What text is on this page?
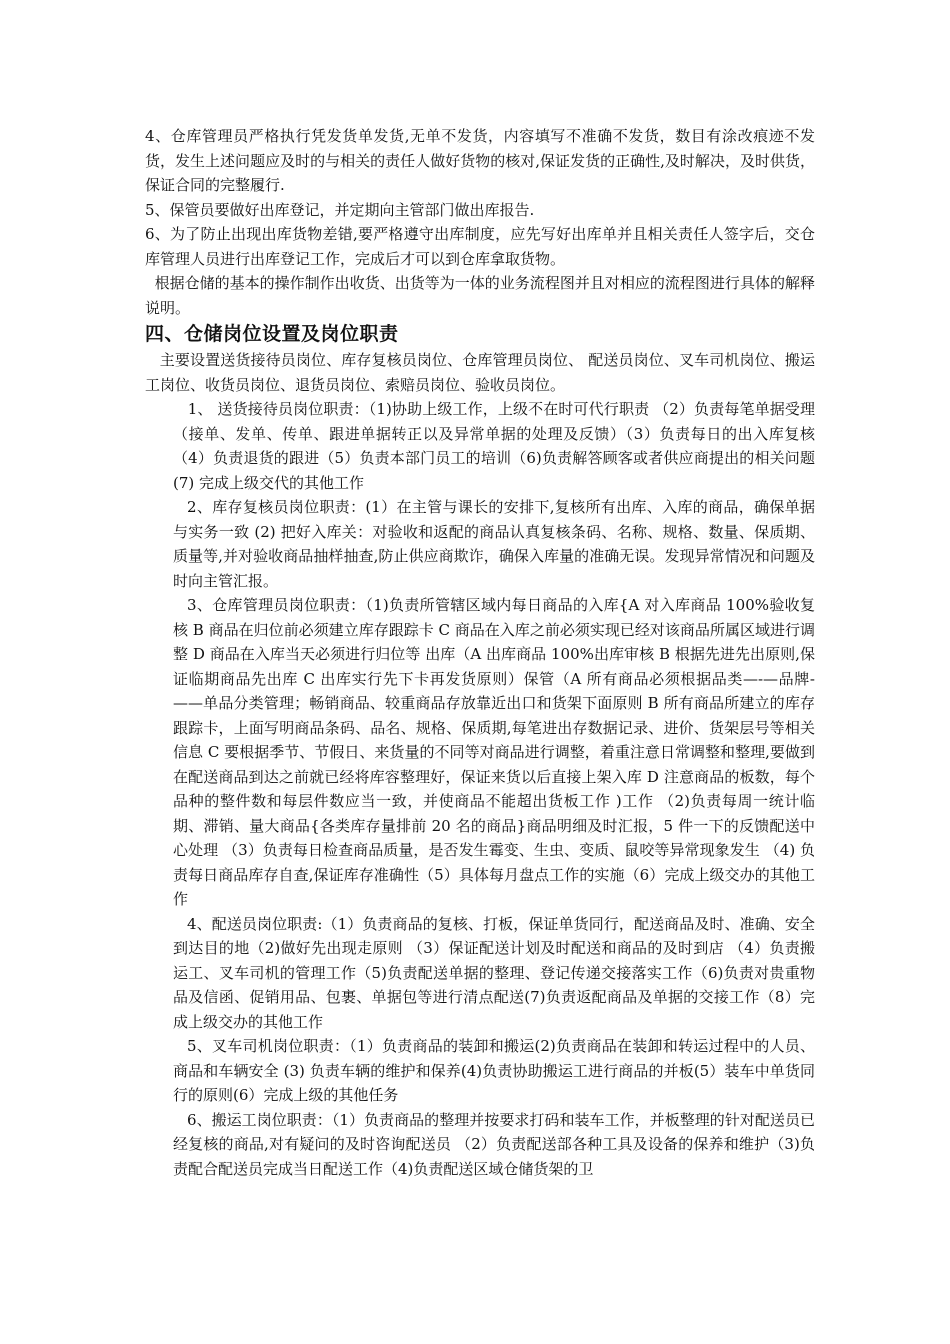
4、仓库管理员严格执行凭发货单发货,无单不发货，内容填写不准确不发货，数目有涂改痕迹不发货，发生上述问题应及时的与相关的责任人做好货物的核对,保证发货的正确性,及时解决，及时供货，保证合同的完整履行.

5、保管员要做好出库登记，并定期向主管部门做出库报告.

6、为了防止出现出库货物差错,要严格遵守出库制度，应先写好出库单并且相关责任人签字后，交仓库管理人员进行出库登记工作，完成后才可以到仓库拿取货物。

根据仓储的基本的操作制作出收货、出货等为一体的业务流程图并且对相应的流程图进行具体的解释说明。

四、仓储岗位设置及岗位职责

主要设置送货接待员岗位、库存复核员岗位、仓库管理员岗位、 配送员岗位、叉车司机岗位、搬运工岗位、收货员岗位、退货员岗位、索赔员岗位、验收员岗位。

1、 送货接待员岗位职责：（1)协助上级工作，上级不在时可代行职责 （2）负责每笔单据受理（接单、发单、传单、跟进单据转正以及异常单据的处理及反馈）（3）负责每日的出入库复核（4）负责退货的跟进（5）负责本部门员工的培训（6)负责解答顾客或者供应商提出的相关问题 (7) 完成上级交代的其他工作

2、库存复核员岗位职责：(1）在主管与课长的安排下,复核所有出库、入库的商品，确保单据与实务一致 (2) 把好入库关：对验收和返配的商品认真复核条码、名称、规格、数量、保质期、质量等,并对验收商品抽样抽查,防止供应商欺诈，确保入库量的准确无误。发现异常情况和问题及时向主管汇报。

3、仓库管理员岗位职责：（1)负责所管辖区域内每日商品的入库{A 对入库商品 100%验收复核 B 商品在归位前必须建立库存跟踪卡 C 商品在入库之前必须实现已经对该商品所属区域进行调整 D 商品在入库当天必须进行归位等 出库（A 出库商品 100%出库审核 B 根据先进先出原则,保证临期商品先出库 C 出库实行先下卡再发货原则）保管（A 所有商品必须根据品类—-—品牌-——单品分类管理；畅销商品、较重商品存放靠近出口和货架下面原则 B 所有商品所建立的库存跟踪卡，上面写明商品条码、品名、规格、保质期,每笔进出存数据记录、进价、货架层号等相关信息 C 要根据季节、节假日、来货量的不同等对商品进行调整，着重注意日常调整和整理,要做到在配送商品到达之前就已经将库容整理好，保证来货以后直接上架入库 D 注意商品的板数，每个品种的整件数和每层件数应当一致，并使商品不能超出货板工作 )工作 （2)负责每周一统计临期、滞销、量大商品{各类库存量排前 20 名的商品}商品明细及时汇报，5 件一下的反馈配送中心处理 （3）负责每日检查商品质量，是否发生霉变、生虫、变质、鼠咬等异常现象发生 （4) 负责每日商品库存自查,保证库存准确性（5）具体每月盘点工作的实施（6）完成上级交办的其他工作

4、配送员岗位职责:（1）负责商品的复核、打板，保证单货同行，配送商品及时、准确、安全到达目的地（2)做好先出现走原则 （3）保证配送计划及时配送和商品的及时到店 （4）负责搬运工、叉车司机的管理工作（5)负责配送单据的整理、登记传递交接落实工作（6)负责对贵重物品及信函、促销用品、包裹、单据包等进行清点配送(7)负责返配商品及单据的交接工作（8）完成上级交办的其他工作

5、叉车司机岗位职责：（1）负责商品的装卸和搬运(2)负责商品在装卸和转运过程中的人员、商品和车辆安全 (3) 负责车辆的维护和保养(4)负责协助搬运工进行商品的并板(5）装车中单货同行的原则(6）完成上级的其他任务

6、搬运工岗位职责：（1）负责商品的整理并按要求打码和装车工作，并板整理的针对配送员已经复核的商品,对有疑问的及时咨询配送员 （2）负责配送部各种工具及设备的保养和维护（3)负责配合配送员完成当日配送工作（4)负责配送区域仓储货架的卫
